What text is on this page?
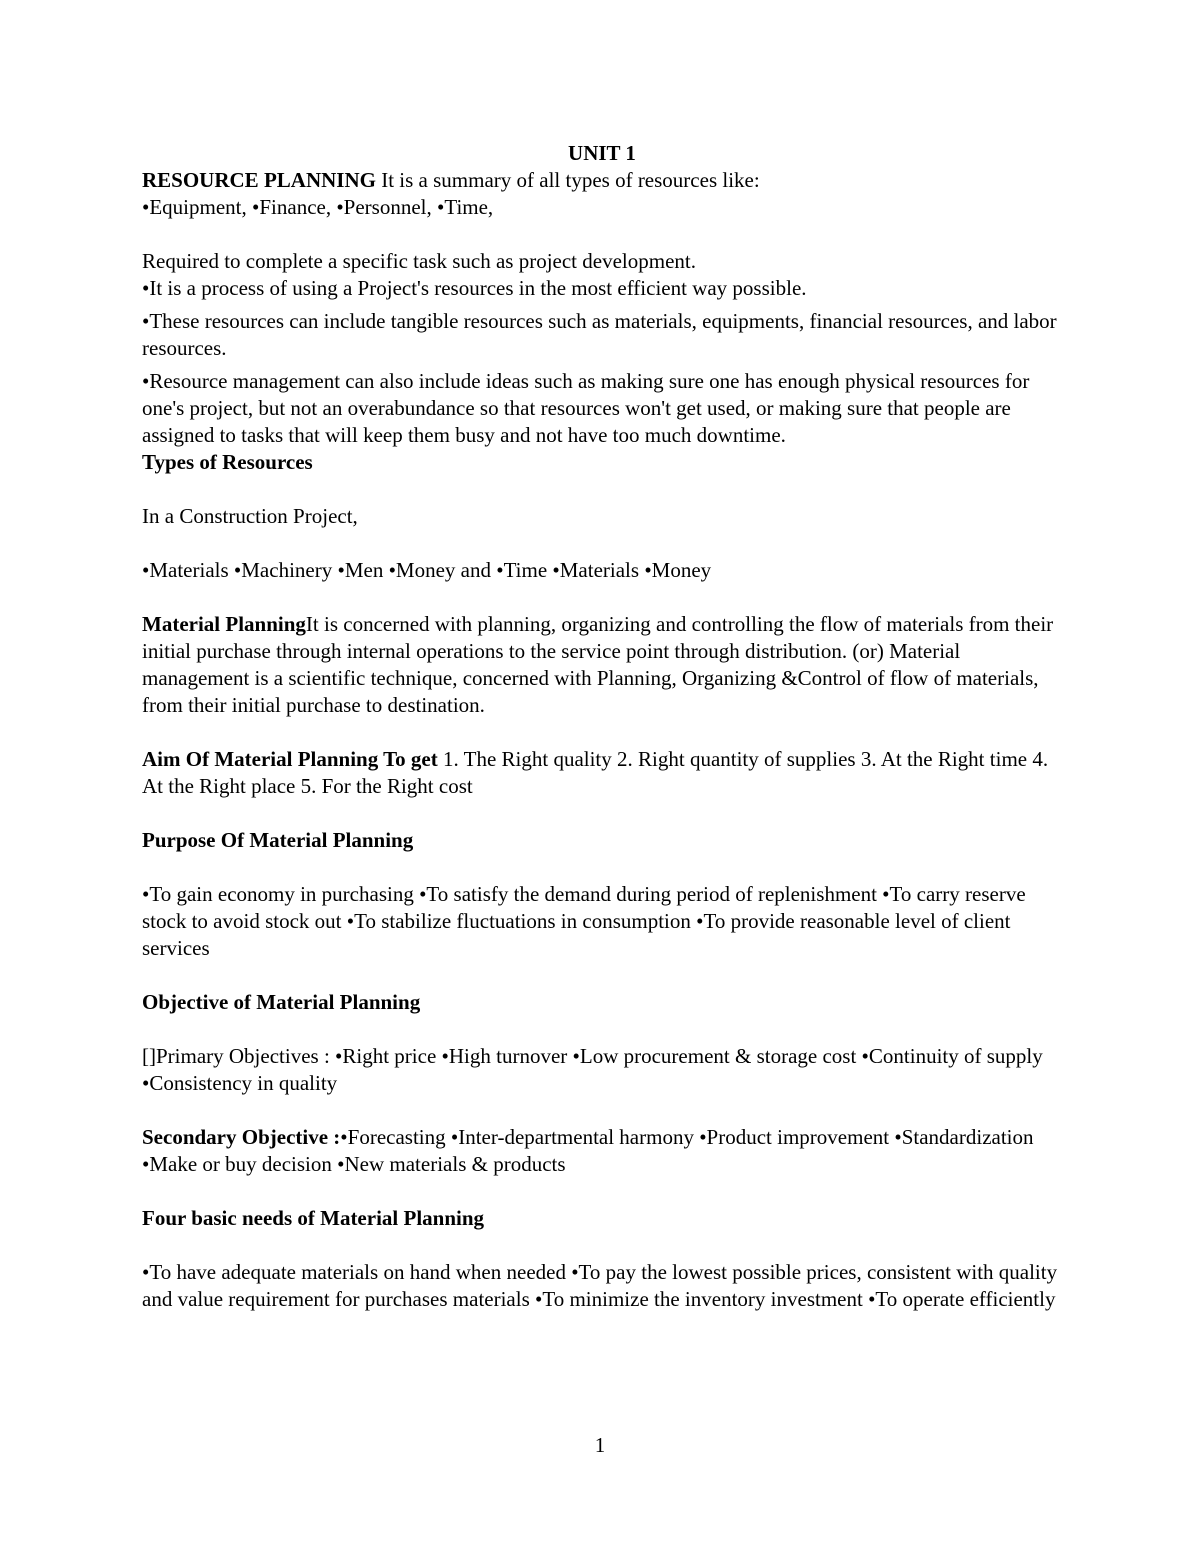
UNIT 1

RESOURCE PLANNING It is a summary of all types of resources like:

•Equipment, •Finance, •Personnel, •Time,

Required to complete a specific task such as project development.

•It is a process of using a Project's resources in the most efficient way possible.

•These resources can include tangible resources such as materials, equipments, financial resources, and labor resources.

•Resource management can also include ideas such as making sure one has enough physical resources for one's project, but not an overabundance so that resources won't get used, or making sure that people are assigned to tasks that will keep them busy and not have too much downtime.

Types of Resources

In a Construction Project,

•Materials •Machinery •Men •Money and •Time •Materials •Money

Material PlanningIt is concerned with planning, organizing and controlling the flow of materials from their initial purchase through internal operations to the service point through distribution. (or) Material management is a scientific technique, concerned with Planning, Organizing &Control of flow of materials, from their initial purchase to destination.

Aim Of Material Planning To get 1. The Right quality 2. Right quantity of supplies 3. At the Right time 4. At the Right place 5. For the Right cost

Purpose Of Material Planning

•To gain economy in purchasing •To satisfy the demand during period of replenishment •To carry reserve stock to avoid stock out •To stabilize fluctuations in consumption •To provide reasonable level of client services

Objective of Material Planning

[]Primary Objectives : •Right price •High turnover •Low procurement & storage cost •Continuity of supply •Consistency in quality

Secondary Objective :•Forecasting •Inter-departmental harmony •Product improvement •Standardization •Make or buy decision •New materials & products

Four basic needs of Material Planning

•To have adequate materials on hand when needed •To pay the lowest possible prices, consistent with quality and value requirement for purchases materials •To minimize the inventory investment •To operate efficiently

1
